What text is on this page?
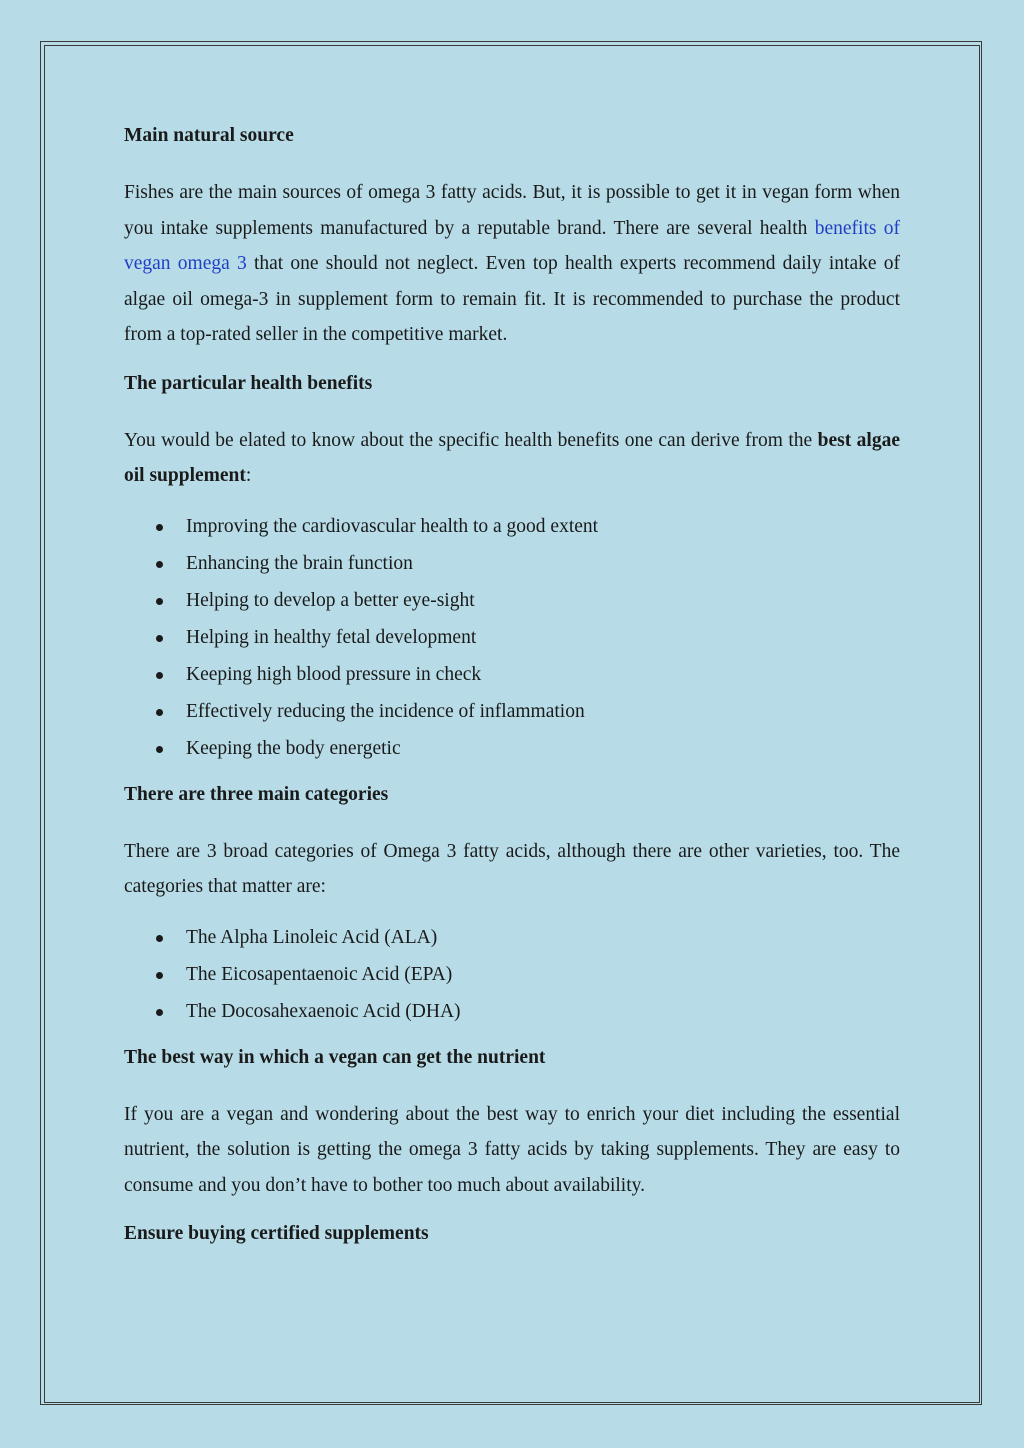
Main natural source

Fishes are the main sources of omega 3 fatty acids. But, it is possible to get it in vegan form when you intake supplements manufactured by a reputable brand. There are several health benefits of vegan omega 3 that one should not neglect. Even top health experts recommend daily intake of algae oil omega-3 in supplement form to remain fit. It is recommended to purchase the product from a top-rated seller in the competitive market.

The particular health benefits

You would be elated to know about the specific health benefits one can derive from the best algae oil supplement:

Improving the cardiovascular health to a good extent
Enhancing the brain function
Helping to develop a better eye-sight
Helping in healthy fetal development
Keeping high blood pressure in check
Effectively reducing the incidence of inflammation
Keeping the body energetic
There are three main categories

There are 3 broad categories of Omega 3 fatty acids, although there are other varieties, too. The categories that matter are:

The Alpha Linoleic Acid (ALA)
The Eicosapentaenoic Acid (EPA)
The Docosahexaenoic Acid (DHA)
The best way in which a vegan can get the nutrient

If you are a vegan and wondering about the best way to enrich your diet including the essential nutrient, the solution is getting the omega 3 fatty acids by taking supplements. They are easy to consume and you don’t have to bother too much about availability.

Ensure buying certified supplements
